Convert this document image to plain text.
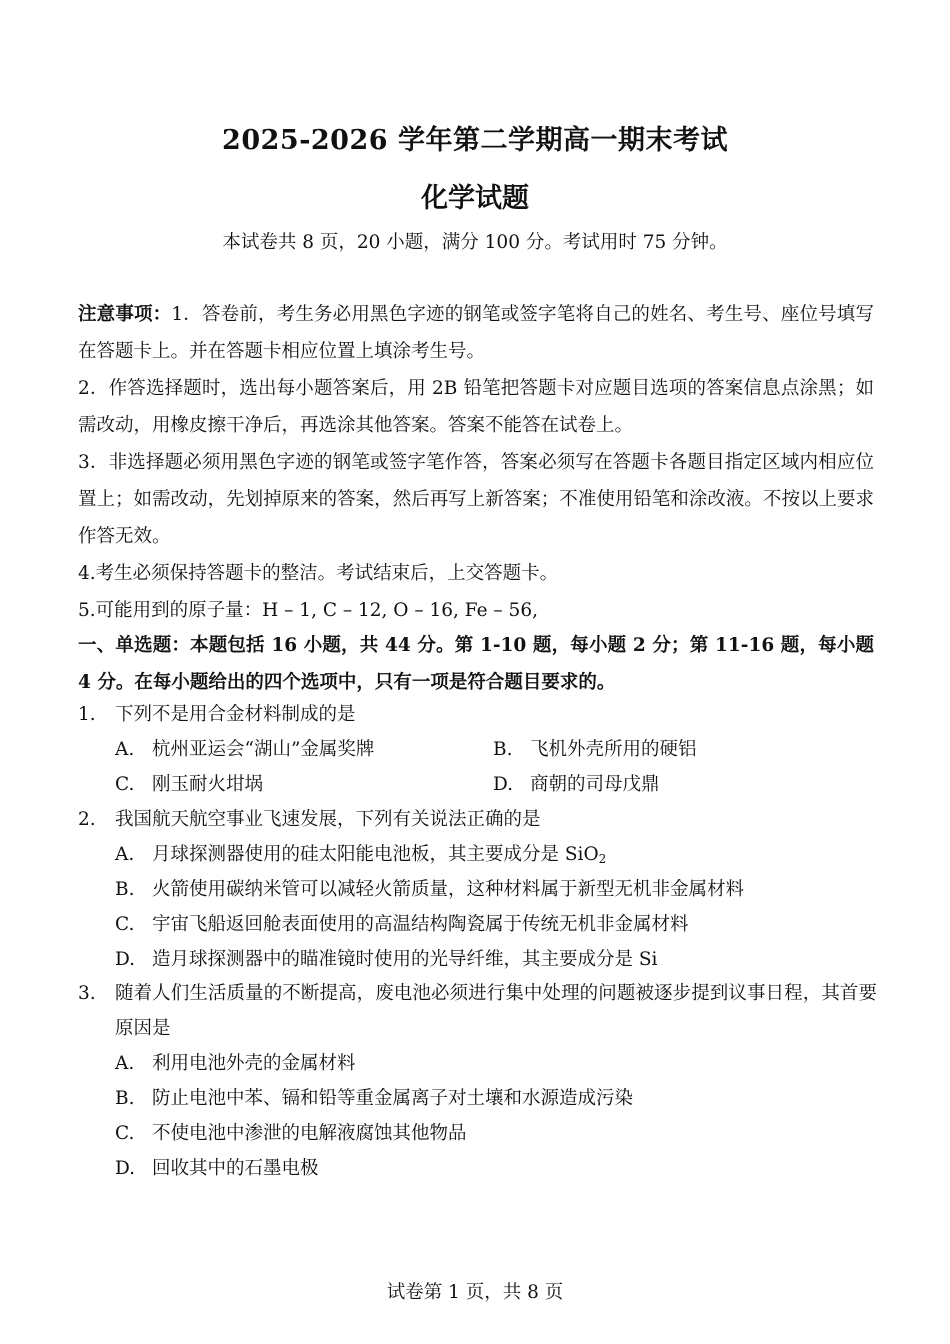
2025-2026 学年第二学期高一期末考试
化学试题
本试卷共 8 页，20 小题，满分 100 分。考试用时 75 分钟。

注意事项：1．答卷前，考生务必用黑色字迹的钢笔或签字笔将自己的姓名、考生号、座位号填写在答题卡上。并在答题卡相应位置上填涂考生号。

2．作答选择题时，选出每小题答案后，用 2B 铅笔把答题卡对应题目选项的答案信息点涂黑；如需改动，用橡皮擦干净后，再选涂其他答案。答案不能答在试卷上。

3．非选择题必须用黑色字迹的钢笔或签字笔作答，答案必须写在答题卡各题目指定区域内相应位置上；如需改动，先划掉原来的答案，然后再写上新答案；不准使用铅笔和涂改液。不按以上要求作答无效。

4.考生必须保持答题卡的整洁。考试结束后，上交答题卡。

5.可能用到的原子量：H – 1, C – 12, O – 16, Fe – 56,

一、单选题：本题包括 16 小题，共 44 分。第 1-10 题，每小题 2 分；第 11-16 题，每小题 4 分。在每小题给出的四个选项中，只有一项是符合题目要求的。

1.	下列不是用合金材料制成的是
A. 杭州亚运会“湖山”金属奖牌	B. 飞机外壳所用的硬铝
C. 刚玉耐火坩埚	D. 商朝的司母戊鼎
2.	我国航天航空事业飞速发展，下列有关说法正确的是
A. 月球探测器使用的硅太阳能电池板，其主要成分是 SiO$_2$
B. 火箭使用碳纳米管可以减轻火箭质量，这种材料属于新型无机非金属材料
C. 宇宙飞船返回舱表面使用的高温结构陶瓷属于传统无机非金属材料
D. 造月球探测器中的瞄准镜时使用的光导纤维，其主要成分是 Si
3.	随着人们生活质量的不断提高，废电池必须进行集中处理的问题被逐步提到议事日程，其首要原因是
A. 利用电池外壳的金属材料
B. 防止电池中苯、镉和铅等重金属离子对土壤和水源造成污染
C. 不使电池中渗泄的电解液腐蚀其他物品
D. 回收其中的石墨电极
试卷第 1 页，共 8 页
